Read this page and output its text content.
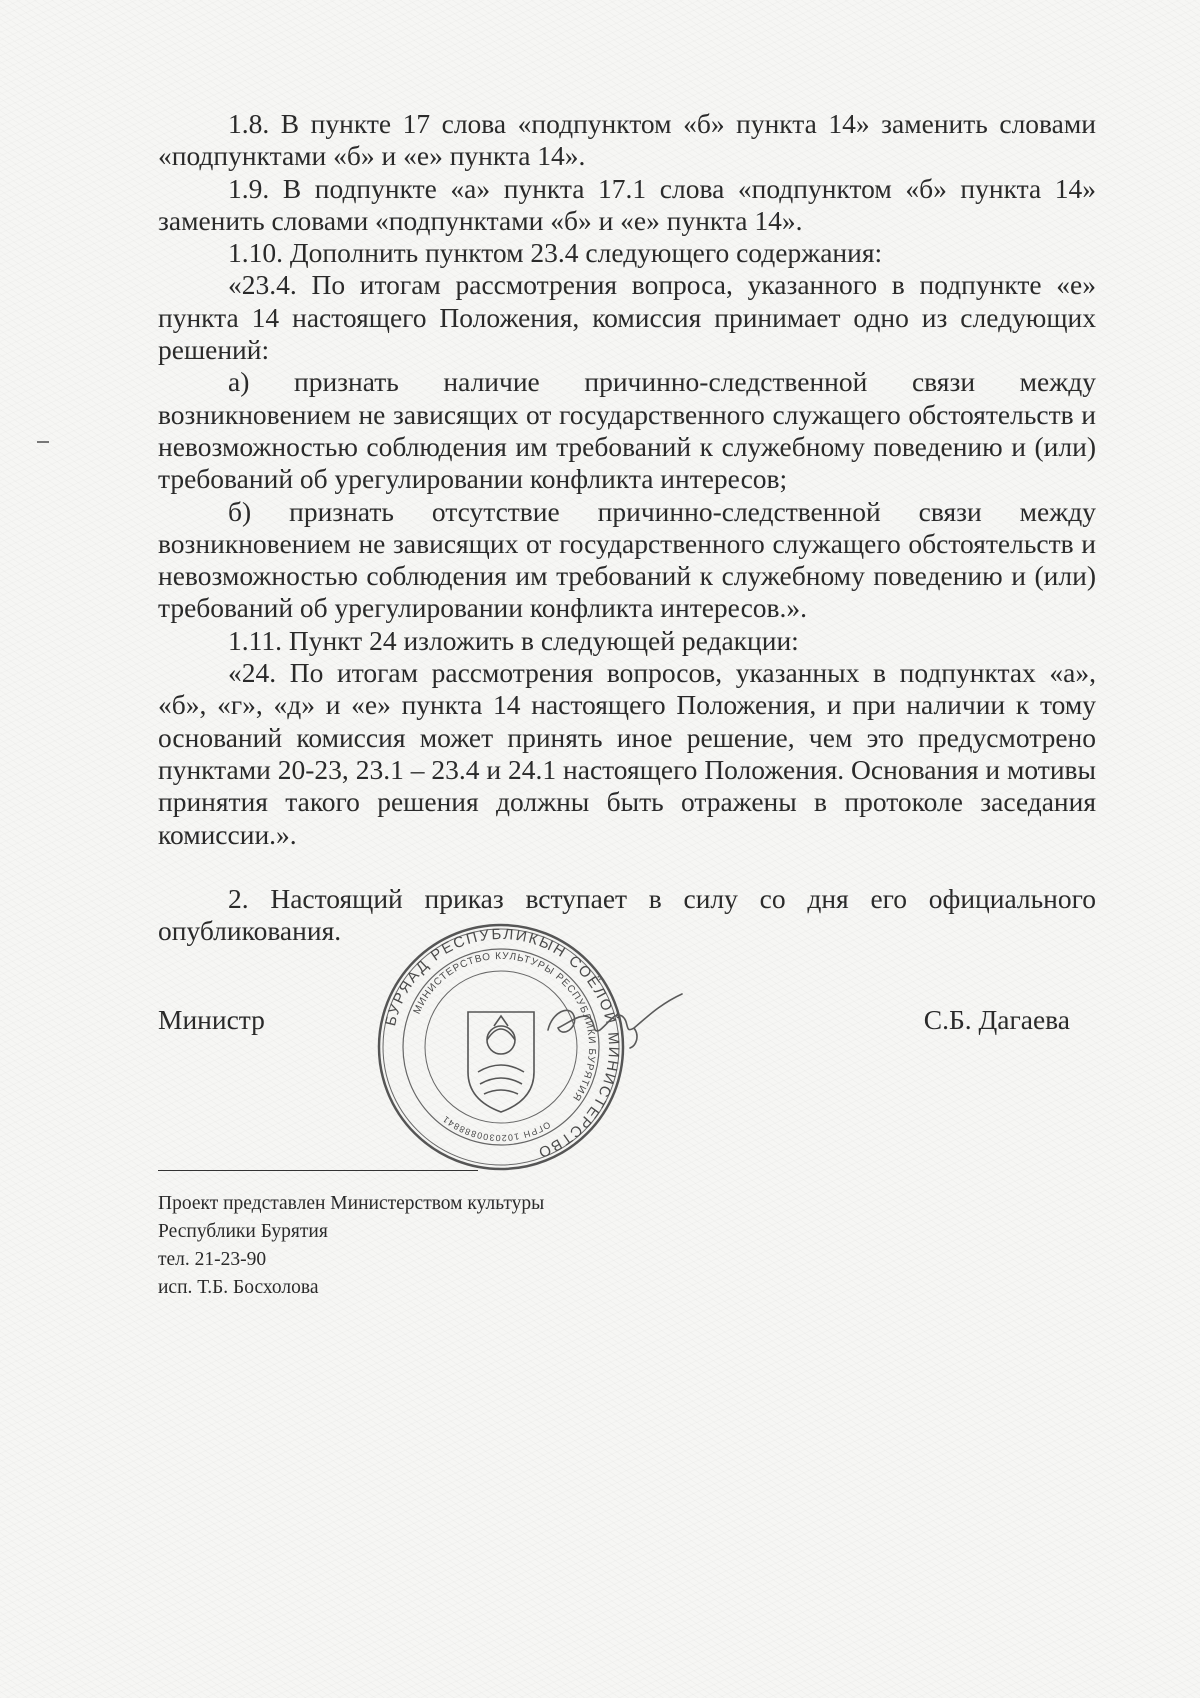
1.8. В пункте 17 слова «подпунктом «б» пункта 14» заменить словами «подпунктами «б» и «е» пункта 14».

1.9. В подпункте «а» пункта 17.1 слова «подпунктом «б» пункта 14» заменить словами «подпунктами «б» и «е» пункта 14».

1.10. Дополнить пунктом 23.4 следующего содержания:

«23.4. По итогам рассмотрения вопроса, указанного в подпункте «е» пункта 14 настоящего Положения, комиссия принимает одно из следующих решений:

а) признать наличие причинно-следственной связи между возникновением не зависящих от государственного служащего обстоятельств и невозможностью соблюдения им требований к служебному поведению и (или) требований об урегулировании конфликта интересов;

б) признать отсутствие причинно-следственной связи между возникновением не зависящих от государственного служащего обстоятельств и невозможностью соблюдения им требований к служебному поведению и (или) требований об урегулировании конфликта интересов.».

1.11. Пункт 24 изложить в следующей редакции:

«24. По итогам рассмотрения вопросов, указанных в подпунктах «а», «б», «г», «д» и «е» пункта 14 настоящего Положения, и при наличии к тому оснований комиссия может принять иное решение, чем это предусмотрено пунктами 20-23, 23.1 – 23.4 и 24.1 настоящего Положения. Основания и мотивы принятия такого решения должны быть отражены в протоколе заседания комиссии.».

2. Настоящий приказ вступает в силу со дня его официального опубликования.

Министр	С.Б. Дагаева
БУРЯАД РЕСПУБЛИКЫН СОЁЛОЙ МИНИСТЕРСТВО
МИНИСТЕРСТВО КУЛЬТУРЫ РЕСПУБЛИКИ БУРЯТИЯ
ОГРН 1020300888841
Проект представлен Министерством культуры
Республики Бурятия
тел. 21-23-90
исп. Т.Б. Босхолова
